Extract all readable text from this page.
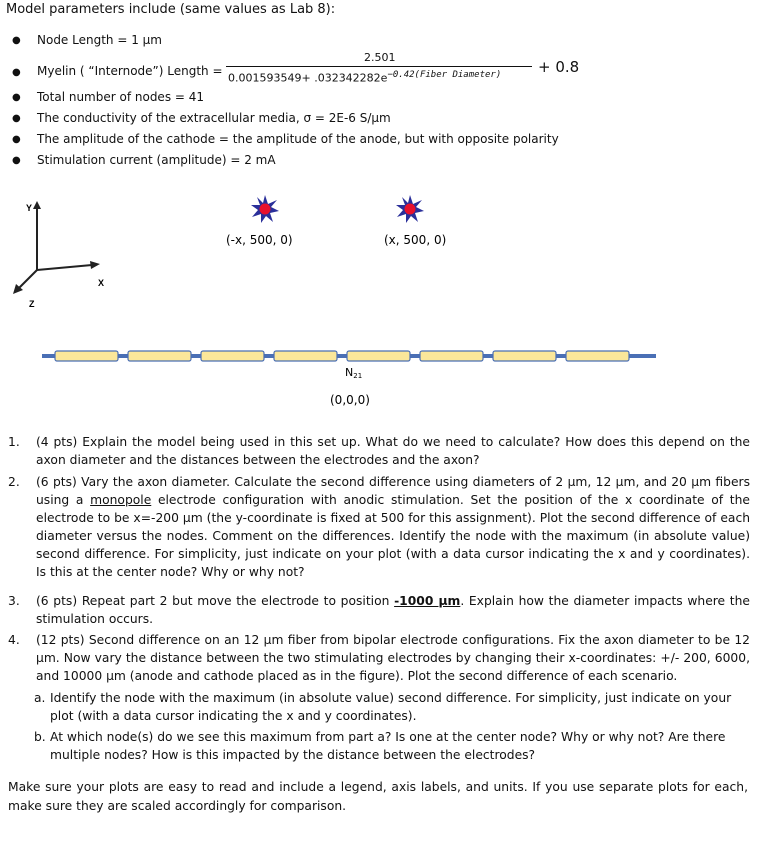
Model parameters include (same values as Lab 8):
● Node Length = 1 µm
● Myelin ( “Internode”) Length =
2.501
$0.001593549+ .032342282e^{-0.42(Fiber Diameter)} + 0.8$
● Total number of nodes = 41
● The conductivity of the extracellular media, σ = 2E-6 S/µm
● The amplitude of the cathode = the amplitude of the anode, but with opposite polarity
● Stimulation current (amplitude) = 2 mA
Y
X
Z
(-x, 500, 0)	(x, 500, 0)
N21
(0,0,0)
1. (4 pts) Explain the model being used in this set up. What do we need to calculate? How does this depend on the axon diameter and the distances between the electrodes and the axon?
2. (6 pts) Vary the axon diameter. Calculate the second difference using diameters of 2 µm, 12 µm, and 20 µm fibers using a monopole electrode configuration with anodic stimulation. Set the position of the x coordinate of the electrode to be x=-200 µm (the y-coordinate is fixed at 500 for this assignment). Plot the second difference of each diameter versus the nodes. Comment on the differences. Identify the node with the maximum (in absolute value) second difference. For simplicity, just indicate on your plot (with a data cursor indicating the x and y coordinates). Is this at the center node? Why or why not?
3. (6 pts) Repeat part 2 but move the electrode to position -1000 µm. Explain how the diameter impacts where the stimulation occurs.
4. (12 pts) Second difference on an 12 µm fiber from bipolar electrode configurations. Fix the axon diameter to be 12 µm. Now vary the distance between the two stimulating electrodes by changing their x-coordinates: +/- 200, 6000, and 10000 µm (anode and cathode placed as in the figure). Plot the second difference of each scenario.
a. Identify the node with the maximum (in absolute value) second difference. For simplicity, just indicate on your plot (with a data cursor indicating the x and y coordinates).
b. At which node(s) do we see this maximum from part a? Is one at the center node? Why or why not? Are there multiple nodes? How is this impacted by the distance between the electrodes?
Make sure your plots are easy to read and include a legend, axis labels, and units. If you use separate plots for each, make sure they are scaled accordingly for comparison.
